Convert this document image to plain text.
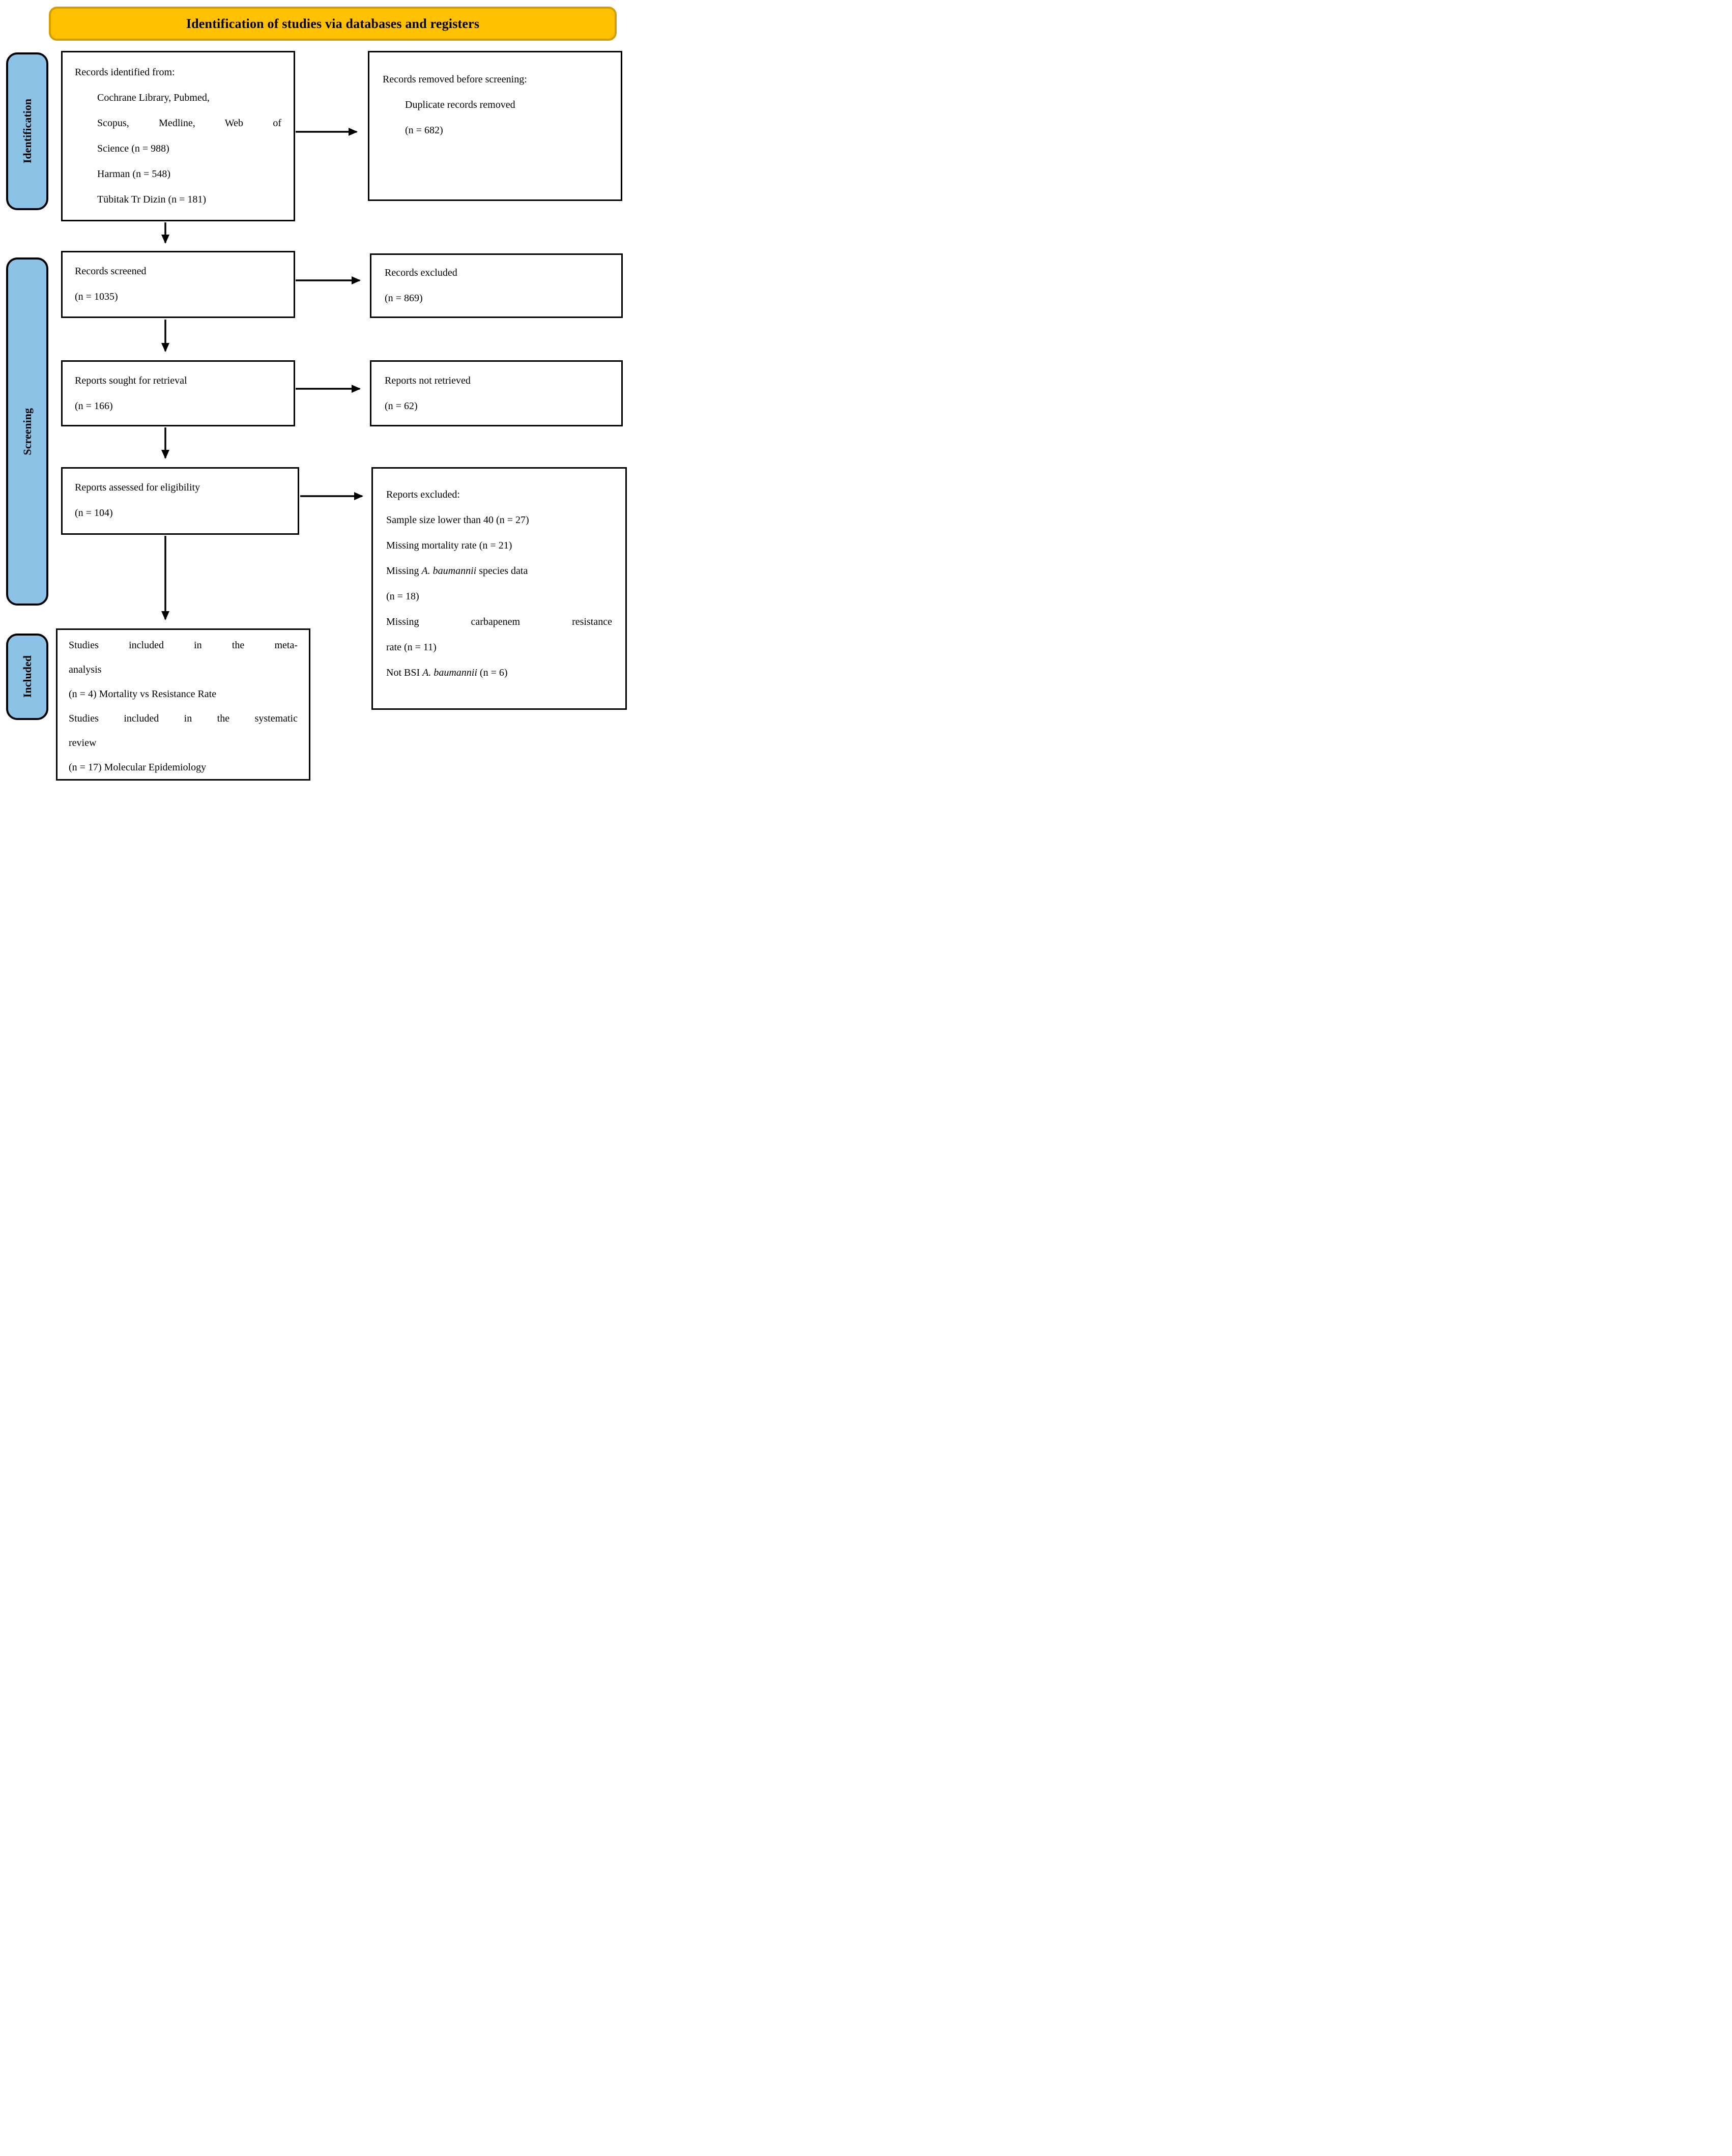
Identification of studies via databases and registers
Identification
Screening
Included
Records identified from:
Cochrane Library, Pubmed,
Scopus, Medline, Web of
Science (n = 988)
Harman (n = 548)
Tübitak Tr Dizin (n = 181)
Records removed before screening:
Duplicate records removed
(n = 682)
Records screened
(n = 1035)
Records excluded
(n = 869)
Reports sought for retrieval
(n = 166)
Reports not retrieved
(n = 62)
Reports assessed for eligibility
(n = 104)
Reports excluded:
Sample size lower than 40 (n = 27)
Missing mortality rate (n = 21)
Missing A. baumannii species data
(n = 18)
Missing carbapenem resistance
rate (n = 11)
Not BSI A. baumannii (n = 6)
Studies included in the meta-
analysis
(n = 4) Mortality vs Resistance Rate
Studies included in the systematic
review
(n = 17) Molecular Epidemiology
